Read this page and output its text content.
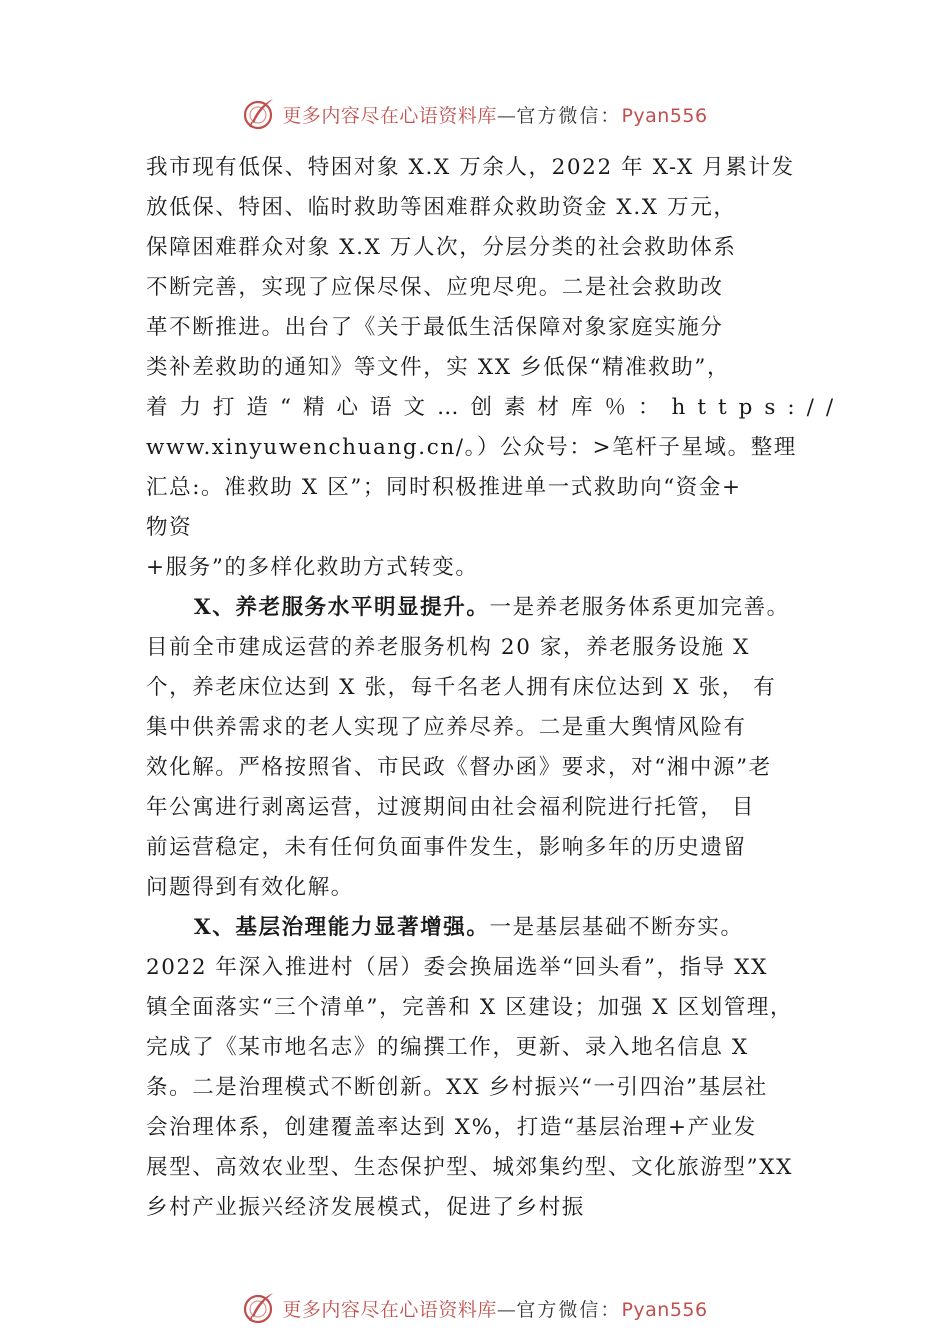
更多内容尽在心语资料库—官方微信：Pyan556
我市现有低保、特困对象 X.X 万余人，2022 年 X-X 月累计发
放低保、特困、临时救助等困难群众救助资金 X.X 万元，
保障困难群众对象 X.X 万人次，分层分类的社会救助体系
不断完善，实现了应保尽保、应兜尽兜。二是社会救助改
革不断推进。出台了《关于最低生活保障对象家庭实施分
类补差救助的通知》等文件，实 XX 乡低保“精准救助”，
着力打造“精心语文…创素材库％：https://
www.xinyuwenchuang.cn/。）公众号：>笔杆子星域。整理
汇总:。准救助 X 区”；同时积极推进单一式救助向“资金+
物资
+服务”的多样化救助方式转变。
X、养老服务水平明显提升。一是养老服务体系更加完善。
目前全市建成运营的养老服务机构 20 家，养老服务设施 X
个，养老床位达到 X 张，每千名老人拥有床位达到 X 张， 有
集中供养需求的老人实现了应养尽养。二是重大舆情风险有
效化解。严格按照省、市民政《督办函》要求，对“湘中源”老
年公寓进行剥离运营，过渡期间由社会福利院进行托管， 目
前运营稳定，未有任何负面事件发生，影响多年的历史遗留
问题得到有效化解。
X、基层治理能力显著增强。一是基层基础不断夯实。
2022 年深入推进村（居）委会换届选举“回头看”，指导 XX
镇全面落实“三个清单”，完善和 X 区建设；加强 X 区划管理，
完成了《某市地名志》的编撰工作，更新、录入地名信息 X
条。二是治理模式不断创新。XX 乡村振兴“一引四治”基层社
会治理体系，创建覆盖率达到 X%，打造“基层治理+产业发
展型、高效农业型、生态保护型、城郊集约型、文化旅游型”XX
乡村产业振兴经济发展模式，促进了乡村振
更多内容尽在心语资料库—官方微信：Pyan556
